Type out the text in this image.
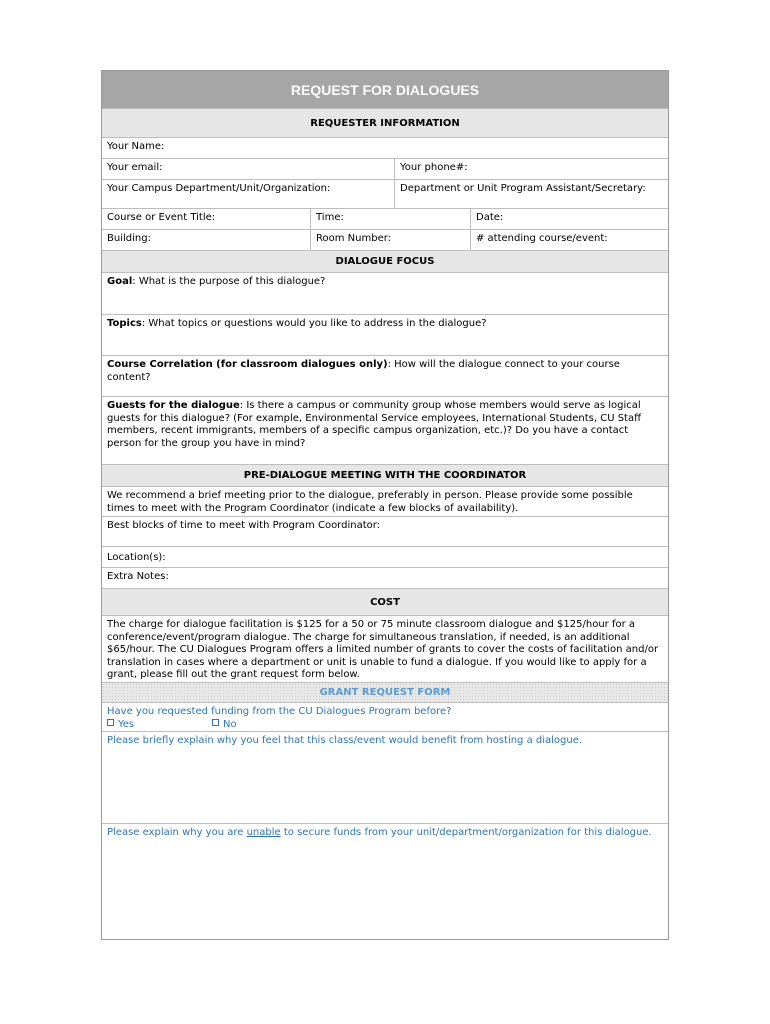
REQUEST FOR DIALOGUES
REQUESTER INFORMATION
Your Name:
Your email:	Your phone#:
Your Campus Department/Unit/Organization:	Department or Unit Program Assistant/Secretary:
Course or Event Title:	Time:	Date:
Building:	Room Number:	# attending course/event:
DIALOGUE FOCUS
Goal: What is the purpose of this dialogue?
Topics: What topics or questions would you like to address in the dialogue?
Course Correlation (for classroom dialogues only): How will the dialogue connect to your course content?
Guests for the dialogue: Is there a campus or community group whose members would serve as logical guests for this dialogue? (For example, Environmental Service employees, International Students, CU Staff members, recent immigrants, members of a specific campus organization, etc.)? Do you have a contact person for the group you have in mind?
PRE-DIALOGUE MEETING WITH THE COORDINATOR
We recommend a brief meeting prior to the dialogue, preferably in person. Please provide some possible times to meet with the Program Coordinator (indicate a few blocks of availability).
Best blocks of time to meet with Program Coordinator:
Location(s):
Extra Notes:
COST
The charge for dialogue facilitation is $125 for a 50 or 75 minute classroom dialogue and $125/hour for a conference/event/program dialogue. The charge for simultaneous translation, if needed, is an additional $65/hour. The CU Dialogues Program offers a limited number of grants to cover the costs of facilitation and/or translation in cases where a department or unit is unable to fund a dialogue. If you would like to apply for a grant, please fill out the grant request form below.
GRANT REQUEST FORM
Have you requested funding from the CU Dialogues Program before?
Yes	No
Please briefly explain why you feel that this class/event would benefit from hosting a dialogue.
Please explain why you are unable to secure funds from your unit/department/organization for this dialogue.
